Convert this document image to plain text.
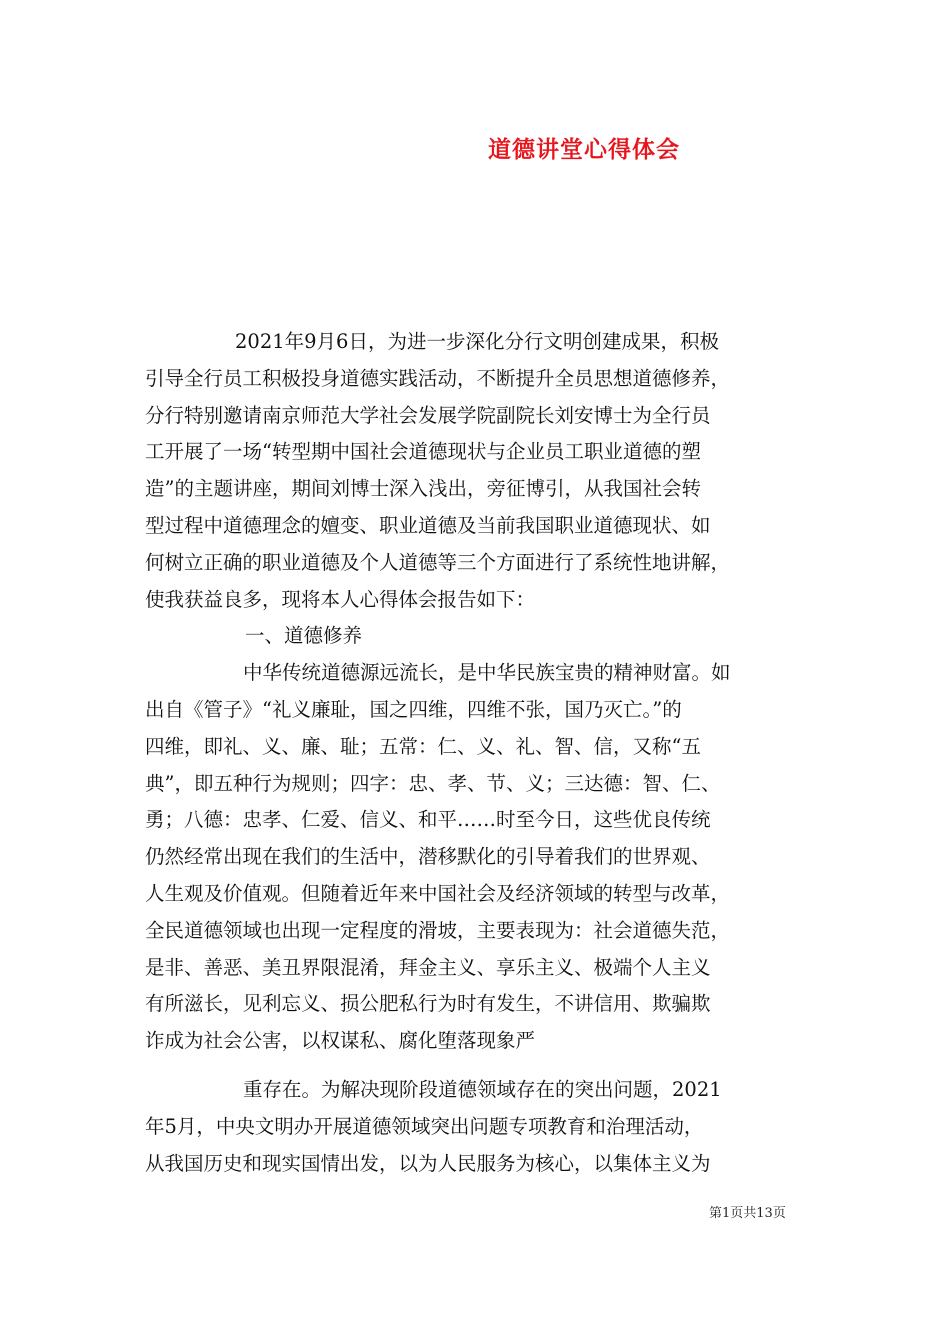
道德讲堂心得体会
2021年9月6日，为进一步深化分行文明创建成果，积极
引导全行员工积极投身道德实践活动，不断提升全员思想道德修养，
分行特别邀请南京师范大学社会发展学院副院长刘安博士为全行员
工开展了一场“转型期中国社会道德现状与企业员工职业道德的塑
造”的主题讲座，期间刘博士深入浅出，旁征博引，从我国社会转
型过程中道德理念的嬗变、职业道德及当前我国职业道德现状、如
何树立正确的职业道德及个人道德等三个方面进行了系统性地讲解，
使我获益良多，现将本人心得体会报告如下：
一、道德修养
中华传统道德源远流长，是中华民族宝贵的精神财富。如
出自《管子》“礼义廉耻，国之四维，四维不张，国乃灭亡。”的
四维，即礼、义、廉、耻；五常：仁、义、礼、智、信，又称“五
典”，即五种行为规则；四字：忠、孝、节、义；三达德：智、仁、
勇；八德：忠孝、仁爱、信义、和平……时至今日，这些优良传统
仍然经常出现在我们的生活中，潜移默化的引导着我们的世界观、
人生观及价值观。但随着近年来中国社会及经济领域的转型与改革，
全民道德领域也出现一定程度的滑坡，主要表现为：社会道德失范，
是非、善恶、美丑界限混淆，拜金主义、享乐主义、极端个人主义
有所滋长，见利忘义、损公肥私行为时有发生，不讲信用、欺骗欺
诈成为社会公害，以权谋私、腐化堕落现象严
重存在。为解决现阶段道德领域存在的突出问题，2021
年5月，中央文明办开展道德领域突出问题专项教育和治理活动，
从我国历史和现实国情出发，以为人民服务为核心，以集体主义为
第1页共13页
